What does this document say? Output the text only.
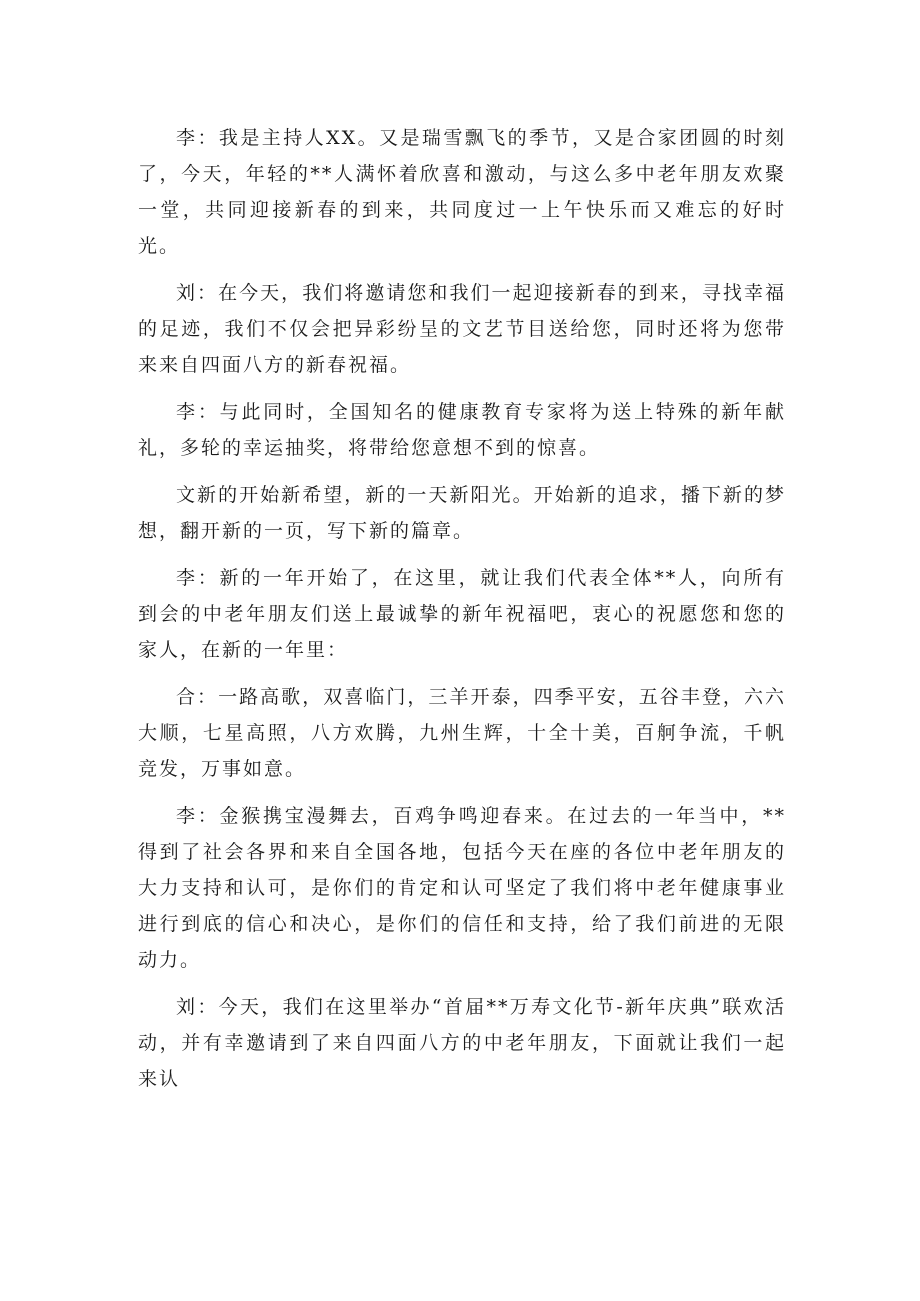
李：我是主持人XX。又是瑞雪飘飞的季节，又是合家团圆的时刻了，今天，年轻的**人满怀着欣喜和激动，与这么多中老年朋友欢聚一堂，共同迎接新春的到来，共同度过一上午快乐而又难忘的好时光。

刘：在今天，我们将邀请您和我们一起迎接新春的到来，寻找幸福的足迹，我们不仅会把异彩纷呈的文艺节目送给您，同时还将为您带来来自四面八方的新春祝福。

李：与此同时，全国知名的健康教育专家将为送上特殊的新年献礼，多轮的幸运抽奖，将带给您意想不到的惊喜。

文新的开始新希望，新的一天新阳光。开始新的追求，播下新的梦想，翻开新的一页，写下新的篇章。

李：新的一年开始了，在这里，就让我们代表全体**人，向所有到会的中老年朋友们送上最诚挚的新年祝福吧，衷心的祝愿您和您的家人，在新的一年里：

合：一路高歌，双喜临门，三羊开泰，四季平安，五谷丰登，六六大顺，七星高照，八方欢腾，九州生辉，十全十美，百舸争流，千帆竞发，万事如意。

李：金猴携宝漫舞去，百鸡争鸣迎春来。在过去的一年当中，**得到了社会各界和来自全国各地，包括今天在座的各位中老年朋友的大力支持和认可，是你们的肯定和认可坚定了我们将中老年健康事业进行到底的信心和决心，是你们的信任和支持，给了我们前进的无限动力。

刘：今天，我们在这里举办“首届**万寿文化节-新年庆典”联欢活动，并有幸邀请到了来自四面八方的中老年朋友，下面就让我们一起来认
